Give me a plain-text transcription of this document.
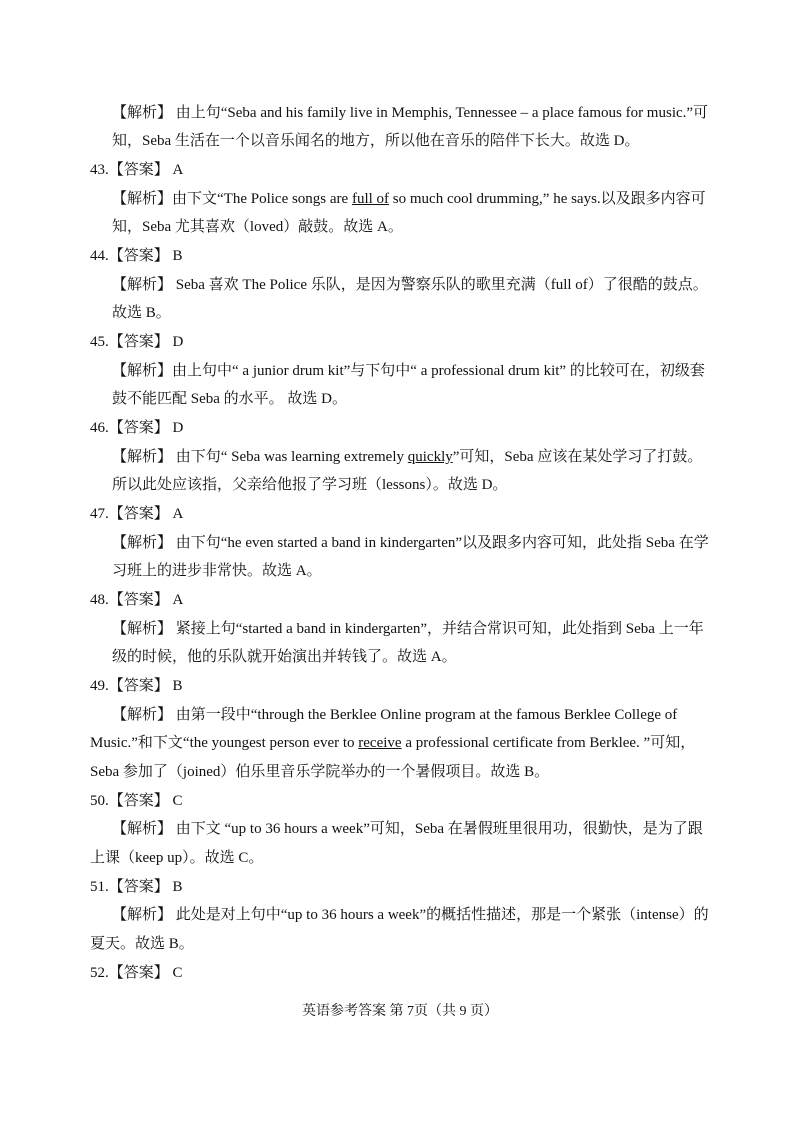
【解析】 由上句“Seba and his family live in Memphis, Tennessee – a place famous for music.”可
知，Seba 生活在一个以音乐闻名的地方，所以他在音乐的陪伴下长大。故选 D。
43.【答案】 A
【解析】由下文“The Police songs are full of so much cool drumming,” he says.以及跟多内容可
知，Seba 尤其喜欢（loved）敲鼓。故选 A。
44.【答案】 B
【解析】 Seba 喜欢 The Police 乐队，是因为警察乐队的歌里充满（full of）了很酷的鼓点。
故选 B。
45.【答案】 D
【解析】由上句中“ a junior drum kit”与下句中“ a professional drum kit” 的比较可在，初级套
鼓不能匹配 Seba 的水平。 故选 D。
46.【答案】 D
【解析】 由下句“ Seba was learning extremely quickly”可知，Seba 应该在某处学习了打鼓。
所以此处应该指，父亲给他报了学习班（lessons）。故选 D。
47.【答案】 A
【解析】 由下句“he even started a band in kindergarten”以及跟多内容可知，此处指 Seba 在学
习班上的进步非常快。故选 A。
48.【答案】 A
【解析】 紧接上句“started a band in kindergarten”，并结合常识可知，此处指到 Seba 上一年
级的时候，他的乐队就开始演出并转钱了。故选 A。
49.【答案】 B
【解析】 由第一段中“through the Berklee Online program at the famous Berklee College of
Music.”和下文“the youngest person ever to receive a professional certificate from Berklee. ”可知，
Seba 参加了（joined）伯乐里音乐学院举办的一个暑假项目。故选 B。
50.【答案】 C
【解析】 由下文 “up to 36 hours a week”可知，Seba 在暑假班里很用功，很勤快，是为了跟
上课（keep up）。故选 C。
51.【答案】 B
【解析】 此处是对上句中“up to 36 hours a week”的概括性描述，那是一个紧张（intense）的
夏天。故选 B。
52.【答案】 C
英语参考答案 第 7页（共 9 页）
